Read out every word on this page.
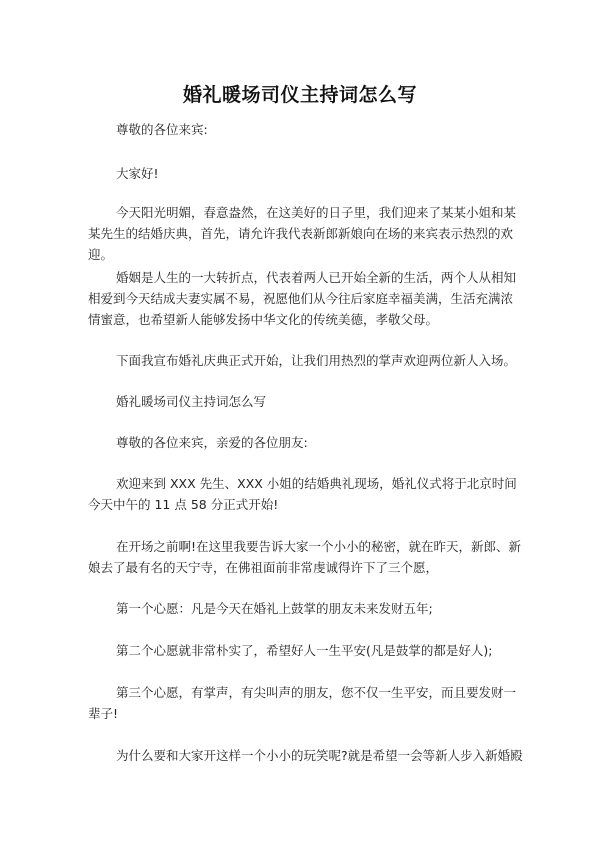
婚礼暖场司仪主持词怎么写

尊敬的各位来宾:

大家好!

今天阳光明媚，春意盎然，在这美好的日子里，我们迎来了某某小姐和某某先生的结婚庆典，首先，请允许我代表新郎新娘向在场的来宾表示热烈的欢迎。

婚姻是人生的一大转折点，代表着两人已开始全新的生活，两个人从相知相爱到今天结成夫妻实属不易，祝愿他们从今往后家庭幸福美满，生活充满浓情蜜意，也希望新人能够发扬中华文化的传统美德，孝敬父母。

下面我宣布婚礼庆典正式开始，让我们用热烈的掌声欢迎两位新人入场。

婚礼暖场司仪主持词怎么写

尊敬的各位来宾，亲爱的各位朋友:

欢迎来到 XXX 先生、XXX 小姐的结婚典礼现场，婚礼仪式将于北京时间今天中午的 11 点 58 分正式开始!

在开场之前啊!在这里我要告诉大家一个小小的秘密，就在昨天，新郎、新娘去了最有名的天宁寺，在佛祖面前非常虔诚得许下了三个愿，

第一个心愿：凡是今天在婚礼上鼓掌的朋友未来发财五年;

第二个心愿就非常朴实了，希望好人一生平安(凡是鼓掌的都是好人);

第三个心愿，有掌声，有尖叫声的朋友，您不仅一生平安，而且要发财一辈子!

为什么要和大家开这样一个小小的玩笑呢?就是希望一会等新人步入新婚殿
